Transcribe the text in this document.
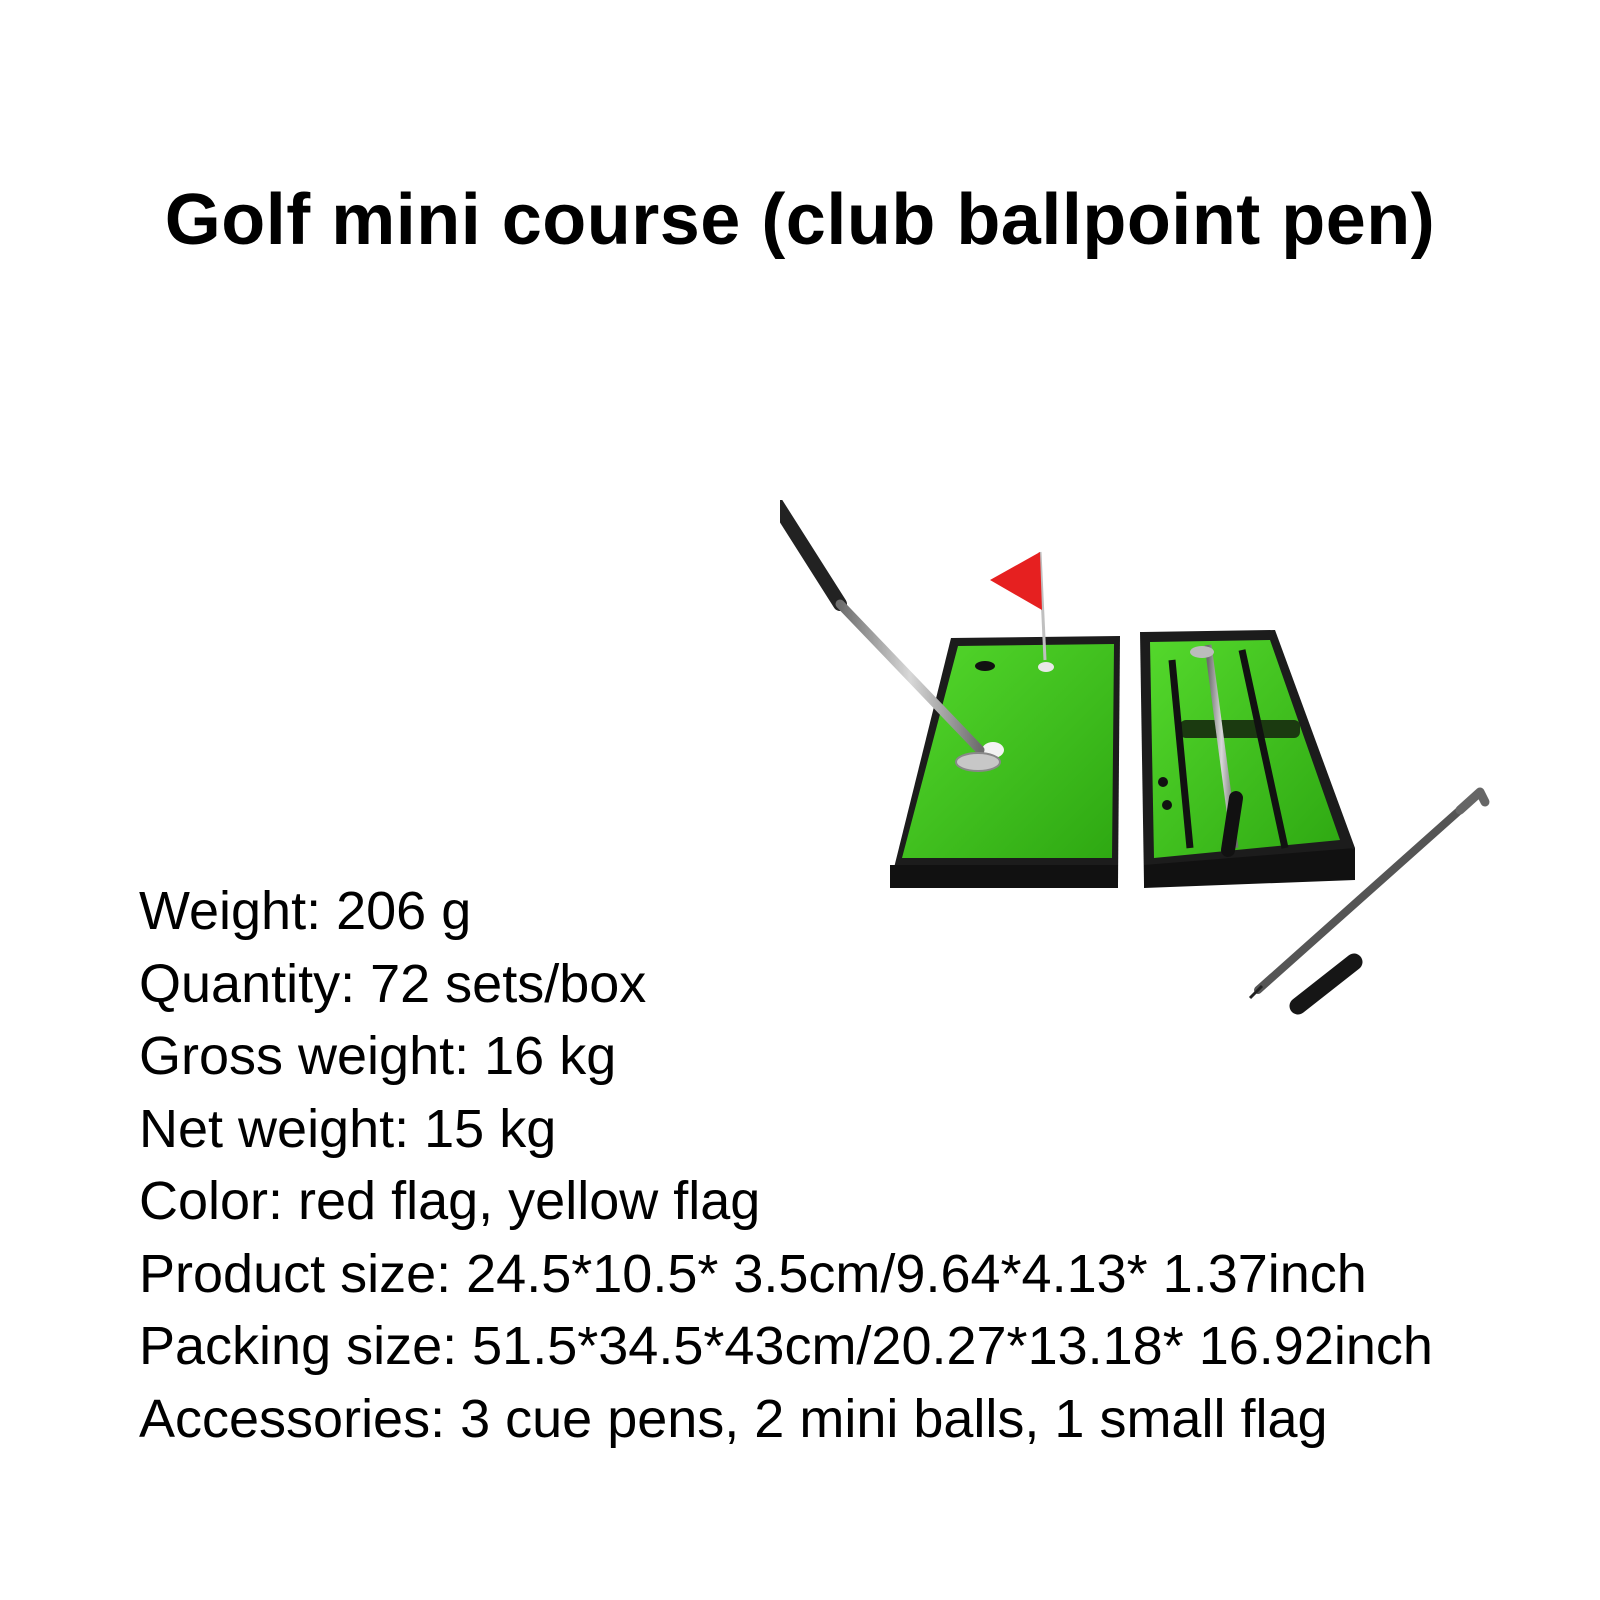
Golf mini course (club ballpoint pen)
Weight: 206 g
Quantity: 72 sets/box
Gross weight: 16 kg
Net weight: 15 kg
Color: red flag, yellow flag
Product size: 24.5*10.5* 3.5cm/9.64*4.13* 1.37inch
Packing size: 51.5*34.5*43cm/20.27*13.18* 16.92inch
Accessories: 3 cue pens, 2 mini balls, 1 small flag
